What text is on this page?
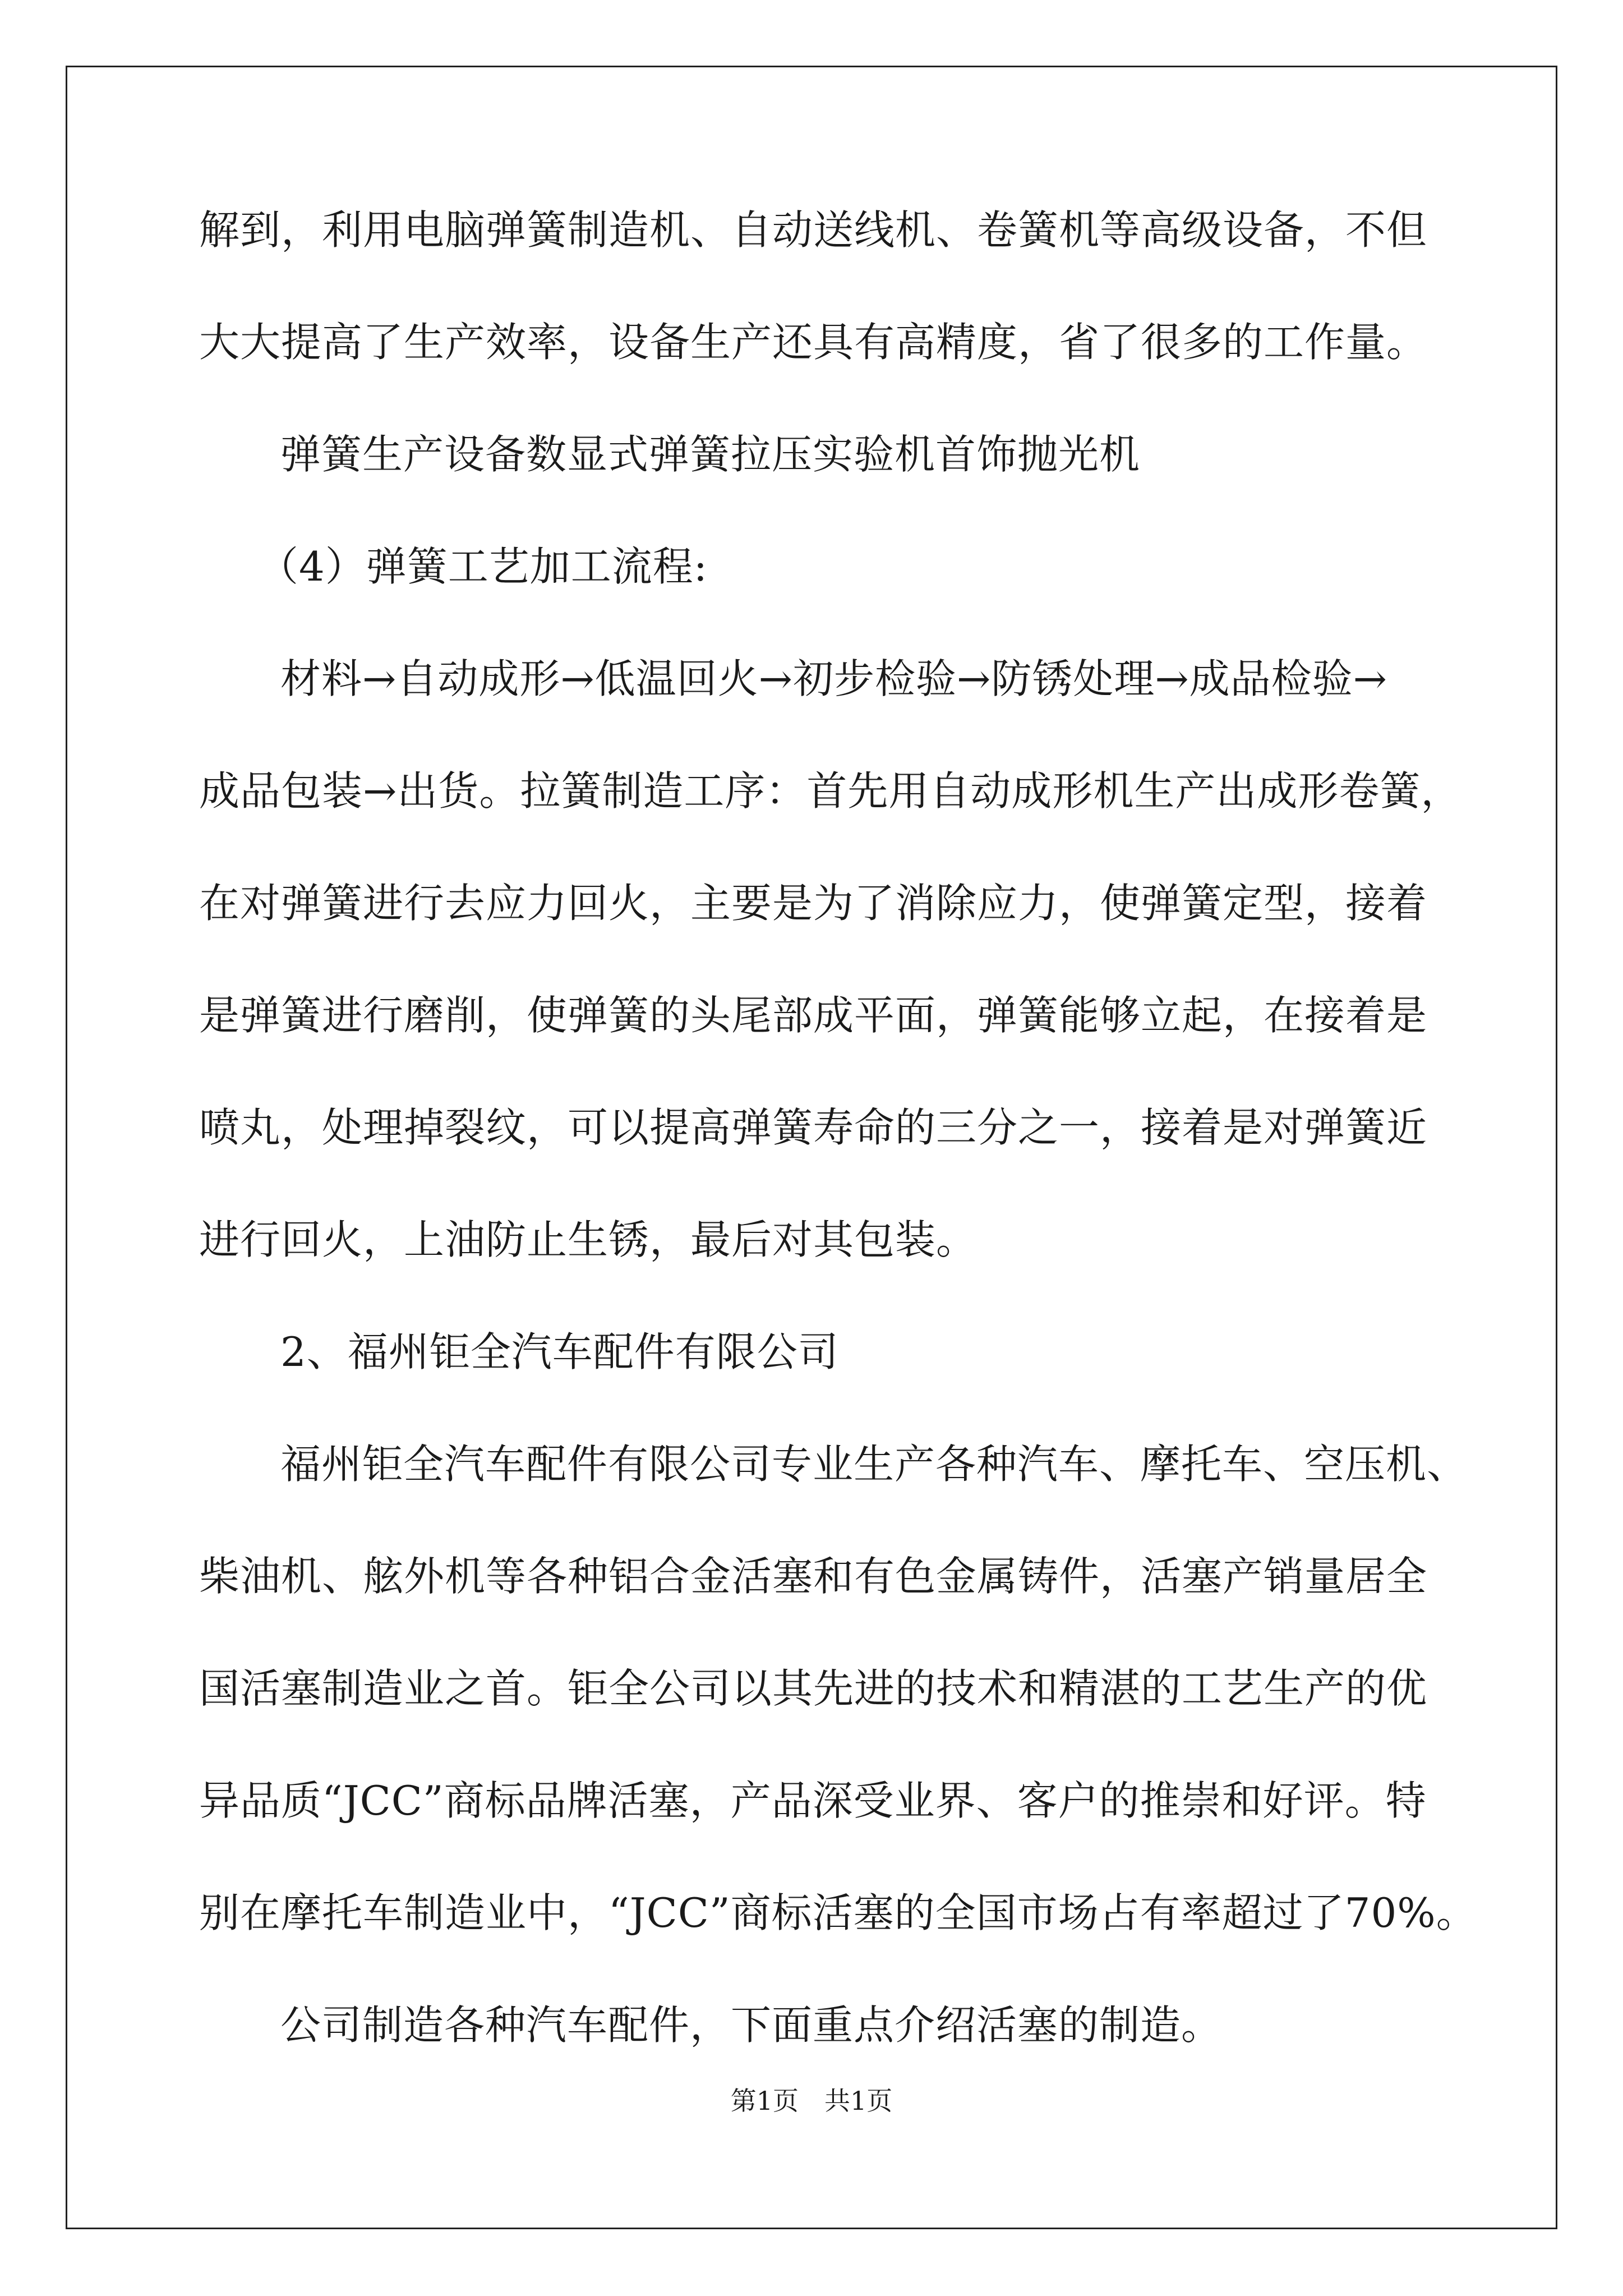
解到，利用电脑弹簧制造机、自动送线机、卷簧机等高级设备，不但
大大提高了生产效率，设备生产还具有高精度，省了很多的工作量。
弹簧生产设备数显式弹簧拉压实验机首饰抛光机
（4）弹簧工艺加工流程:
材料→自动成形→低温回火→初步检验→防锈处理→成品检验→
成品包装→出货。拉簧制造工序：首先用自动成形机生产出成形卷簧，
在对弹簧进行去应力回火，主要是为了消除应力，使弹簧定型，接着
是弹簧进行磨削，使弹簧的头尾部成平面，弹簧能够立起，在接着是
喷丸，处理掉裂纹，可以提高弹簧寿命的三分之一，接着是对弹簧近
进行回火，上油防止生锈，最后对其包装。
2、福州钜全汽车配件有限公司
福州钜全汽车配件有限公司专业生产各种汽车、摩托车、空压机、
柴油机、舷外机等各种铝合金活塞和有色金属铸件，活塞产销量居全
国活塞制造业之首。钜全公司以其先进的技术和精湛的工艺生产的优
异品质“JCC”商标品牌活塞，产品深受业界、客户的推崇和好评。特
别在摩托车制造业中，“JCC”商标活塞的全国市场占有率超过了70%。
公司制造各种汽车配件，下面重点介绍活塞的制造。
第1页　共1页
